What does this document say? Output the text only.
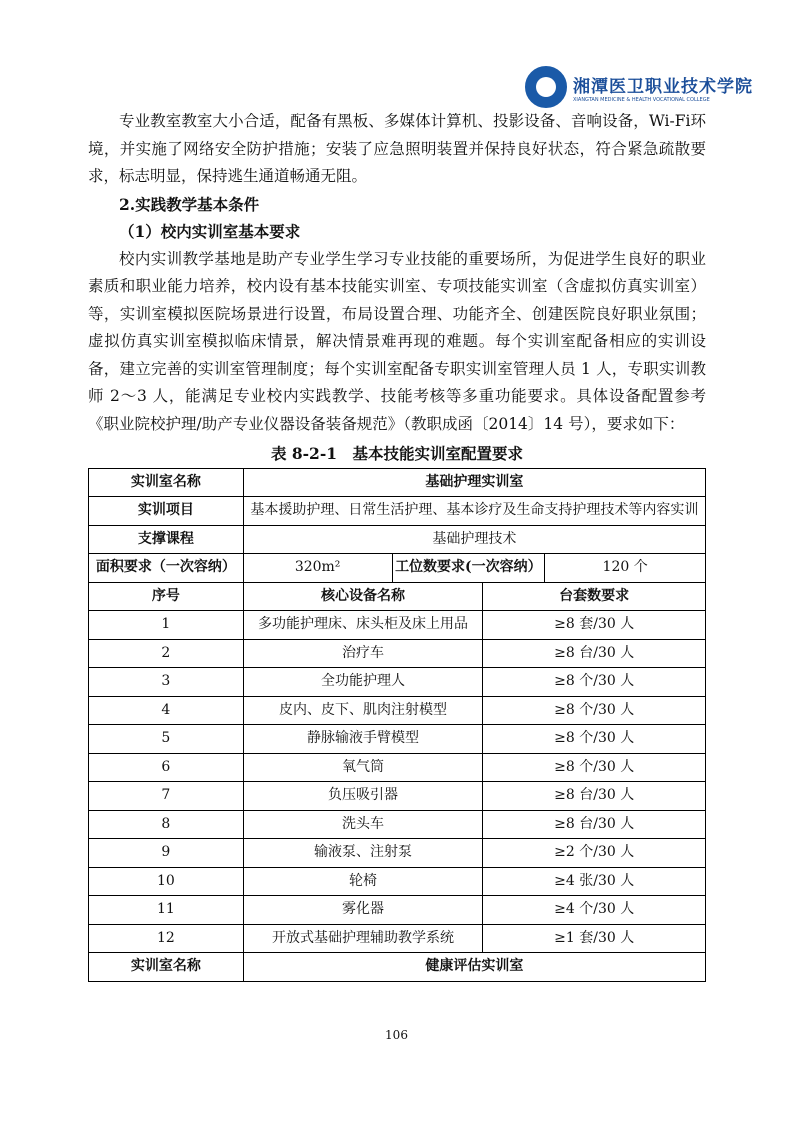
湘潭医卫职业技术学院
XIANGTAN MEDICINE & HEALTH VOCATIONAL COLLEGE

专业教室教室大小合适，配备有黑板、多媒体计算机、投影设备、音响设备，Wi-Fi环境，并实施了网络安全防护措施；安装了应急照明装置并保持良好状态，符合紧急疏散要求，标志明显，保持逃生通道畅通无阻。

2.实践教学基本条件

（1）校内实训室基本要求

校内实训教学基地是助产专业学生学习专业技能的重要场所，为促进学生良好的职业素质和职业能力培养，校内设有基本技能实训室、专项技能实训室（含虚拟仿真实训室）等，实训室模拟医院场景进行设置，布局设置合理、功能齐全、创建医院良好职业氛围；虚拟仿真实训室模拟临床情景，解决情景难再现的难题。每个实训室配备相应的实训设备，建立完善的实训室管理制度；每个实训室配备专职实训室管理人员 1 人，专职实训教师 2～3 人，能满足专业校内实践教学、技能考核等多重功能要求。具体设备配置参考《职业院校护理/助产专业仪器设备装备规范》（教职成函〔2014〕14 号），要求如下：

表 8-2-1　基本技能实训室配置要求
实训室名称	基础护理实训室			
实训项目	基本援助护理、日常生活护理、基本诊疗及生命支持护理技术等内容实训			
支撑课程	基础护理技术			
面积要求（一次容纳）	320m²	工位数要求(一次容纳）		120 个
序号	核心设备名称		台套数要求	
1	多功能护理床、床头柜及床上用品		≥8 套/30 人	
2	治疗车		≥8 台/30 人	
3	全功能护理人		≥8 个/30 人	
4	皮内、皮下、肌肉注射模型		≥8 个/30 人	
5	静脉输液手臂模型		≥8 个/30 人	
6	氧气筒		≥8 个/30 人	
7	负压吸引器		≥8 台/30 人	
8	洗头车		≥8 台/30 人	
9	输液泵、注射泵		≥2 个/30 人	
10	轮椅		≥4 张/30 人	
11	雾化器		≥4 个/30 人	
12	开放式基础护理辅助教学系统		≥1 套/30 人	
实训室名称	健康评估实训室			
106
